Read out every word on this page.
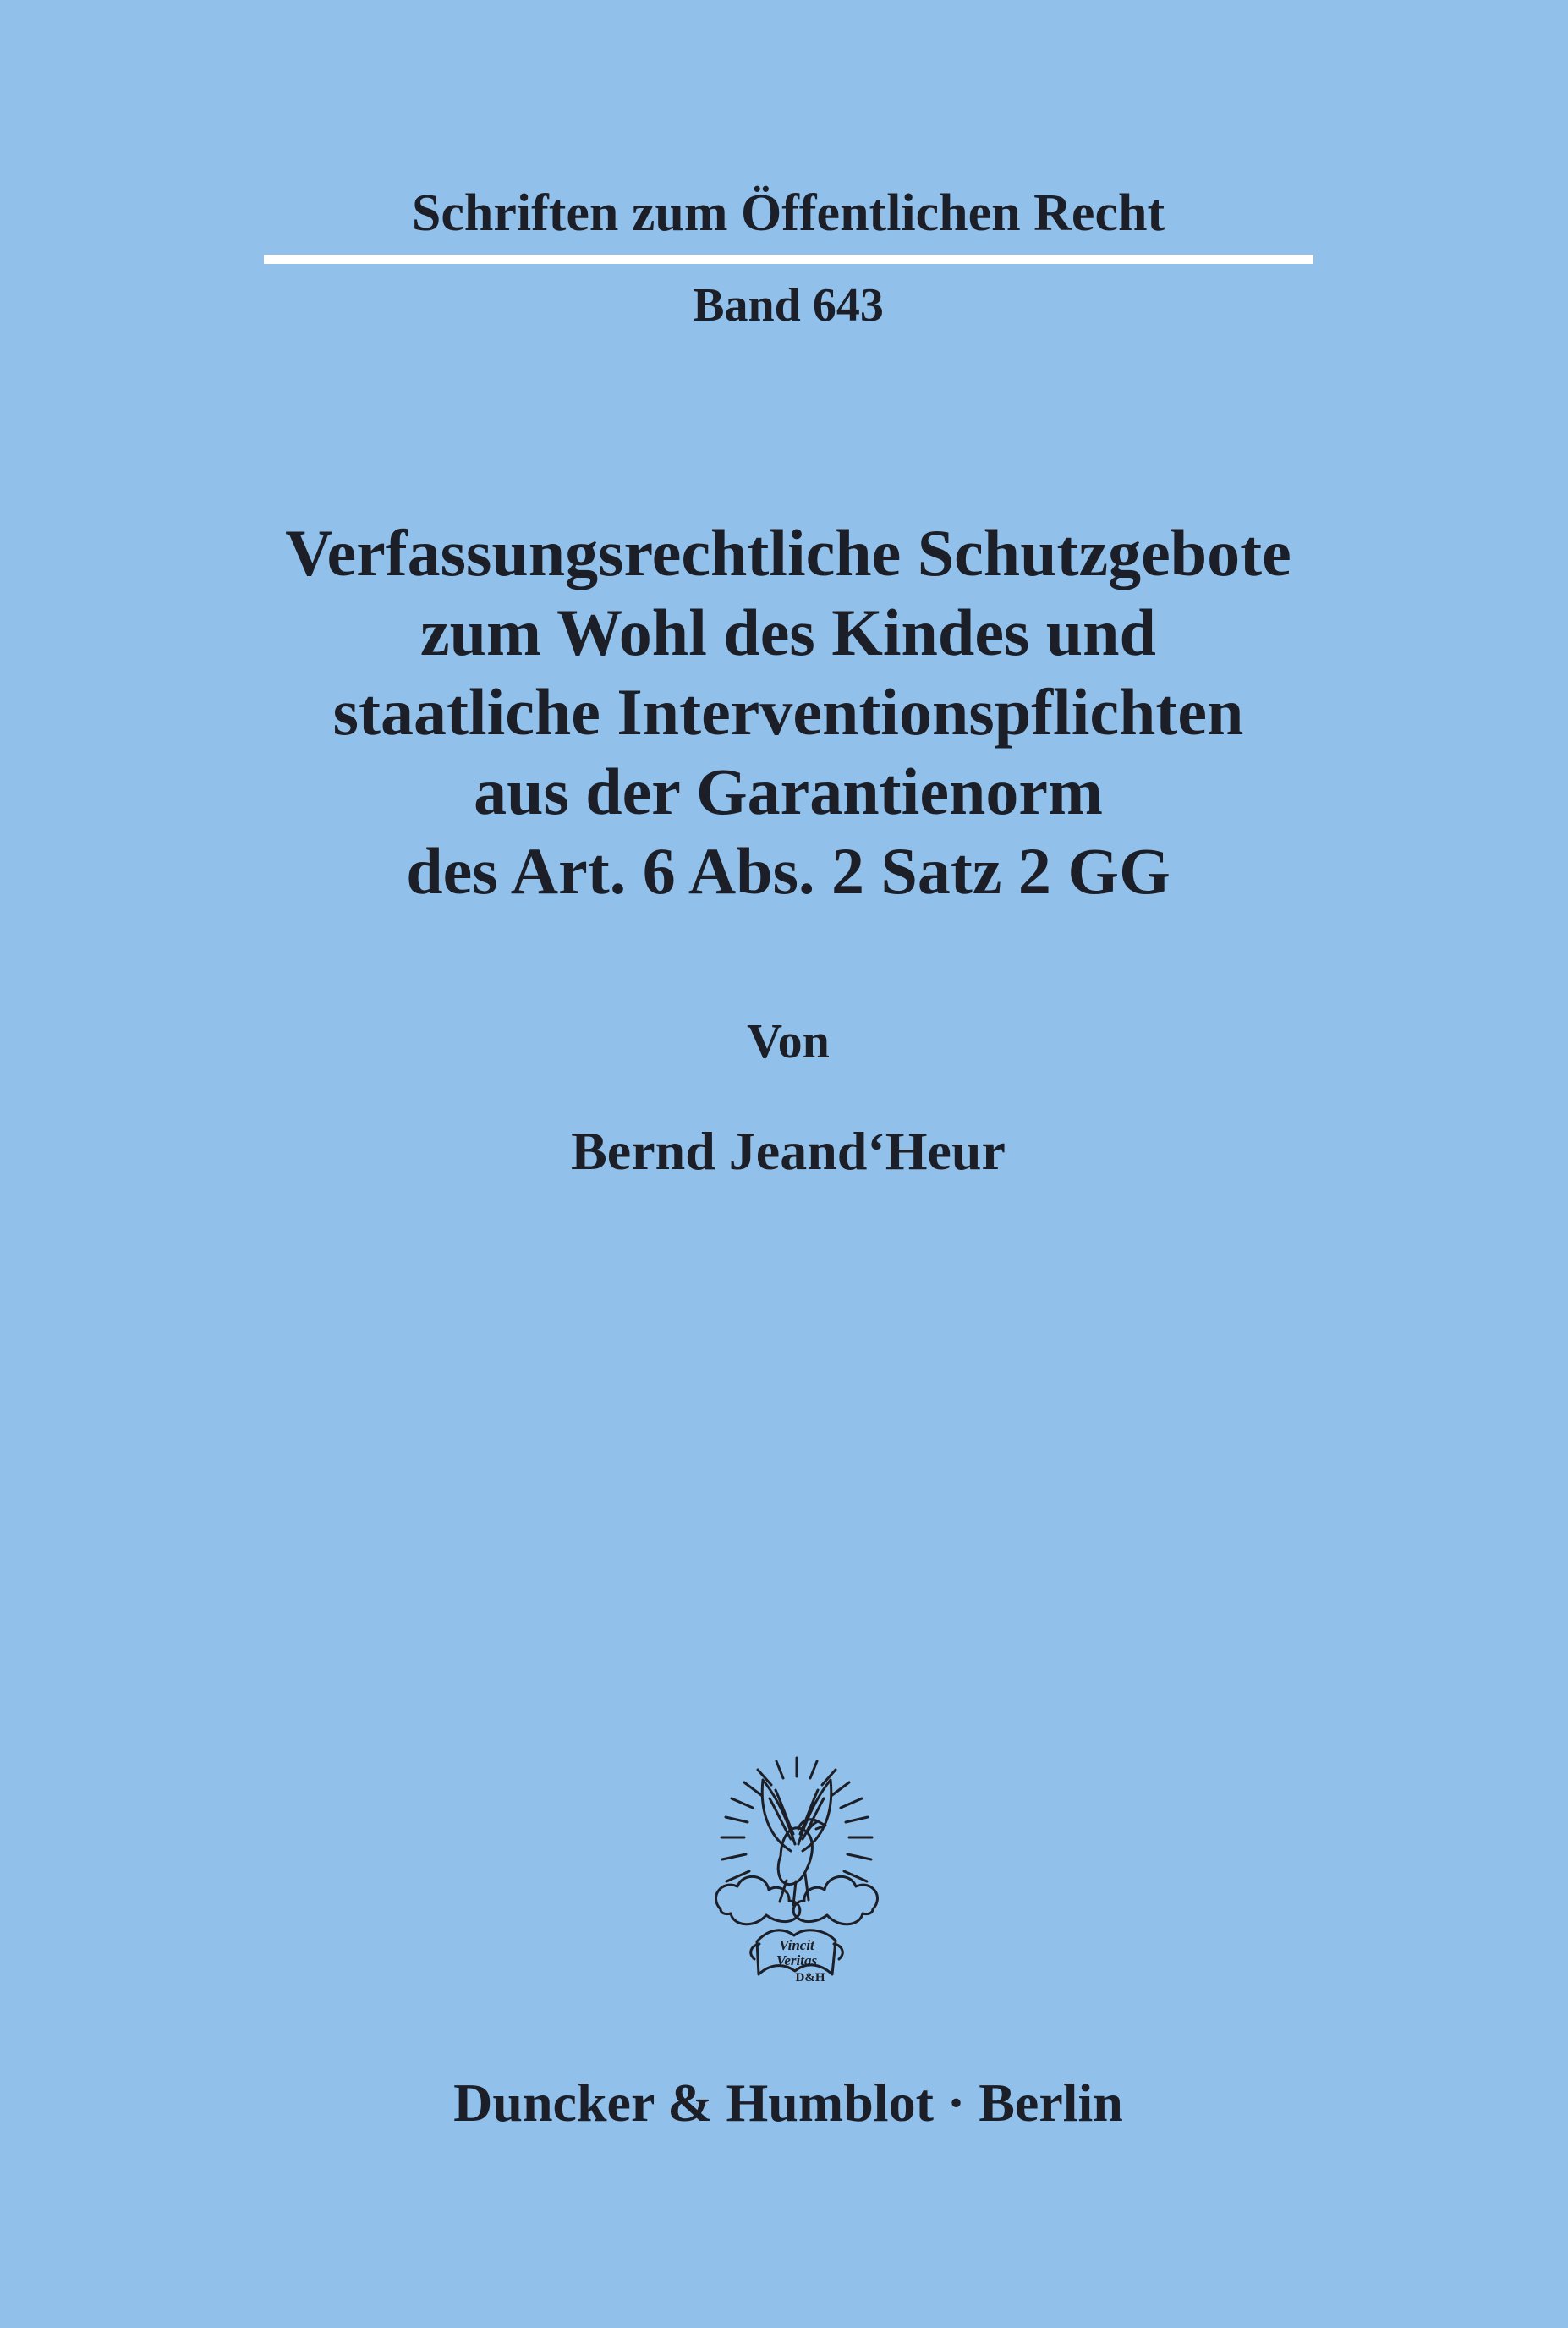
Schriften zum Öffentlichen Recht
Band 643
Verfassungsrechtliche Schutzgebote
zum Wohl des Kindes und
staatliche Interventionspflichten
aus der Garantienorm
des Art. 6 Abs. 2 Satz 2 GG
Von
Bernd Jeand‘Heur
Vincit
Veritas
D&H
Duncker & Humblot · Berlin
